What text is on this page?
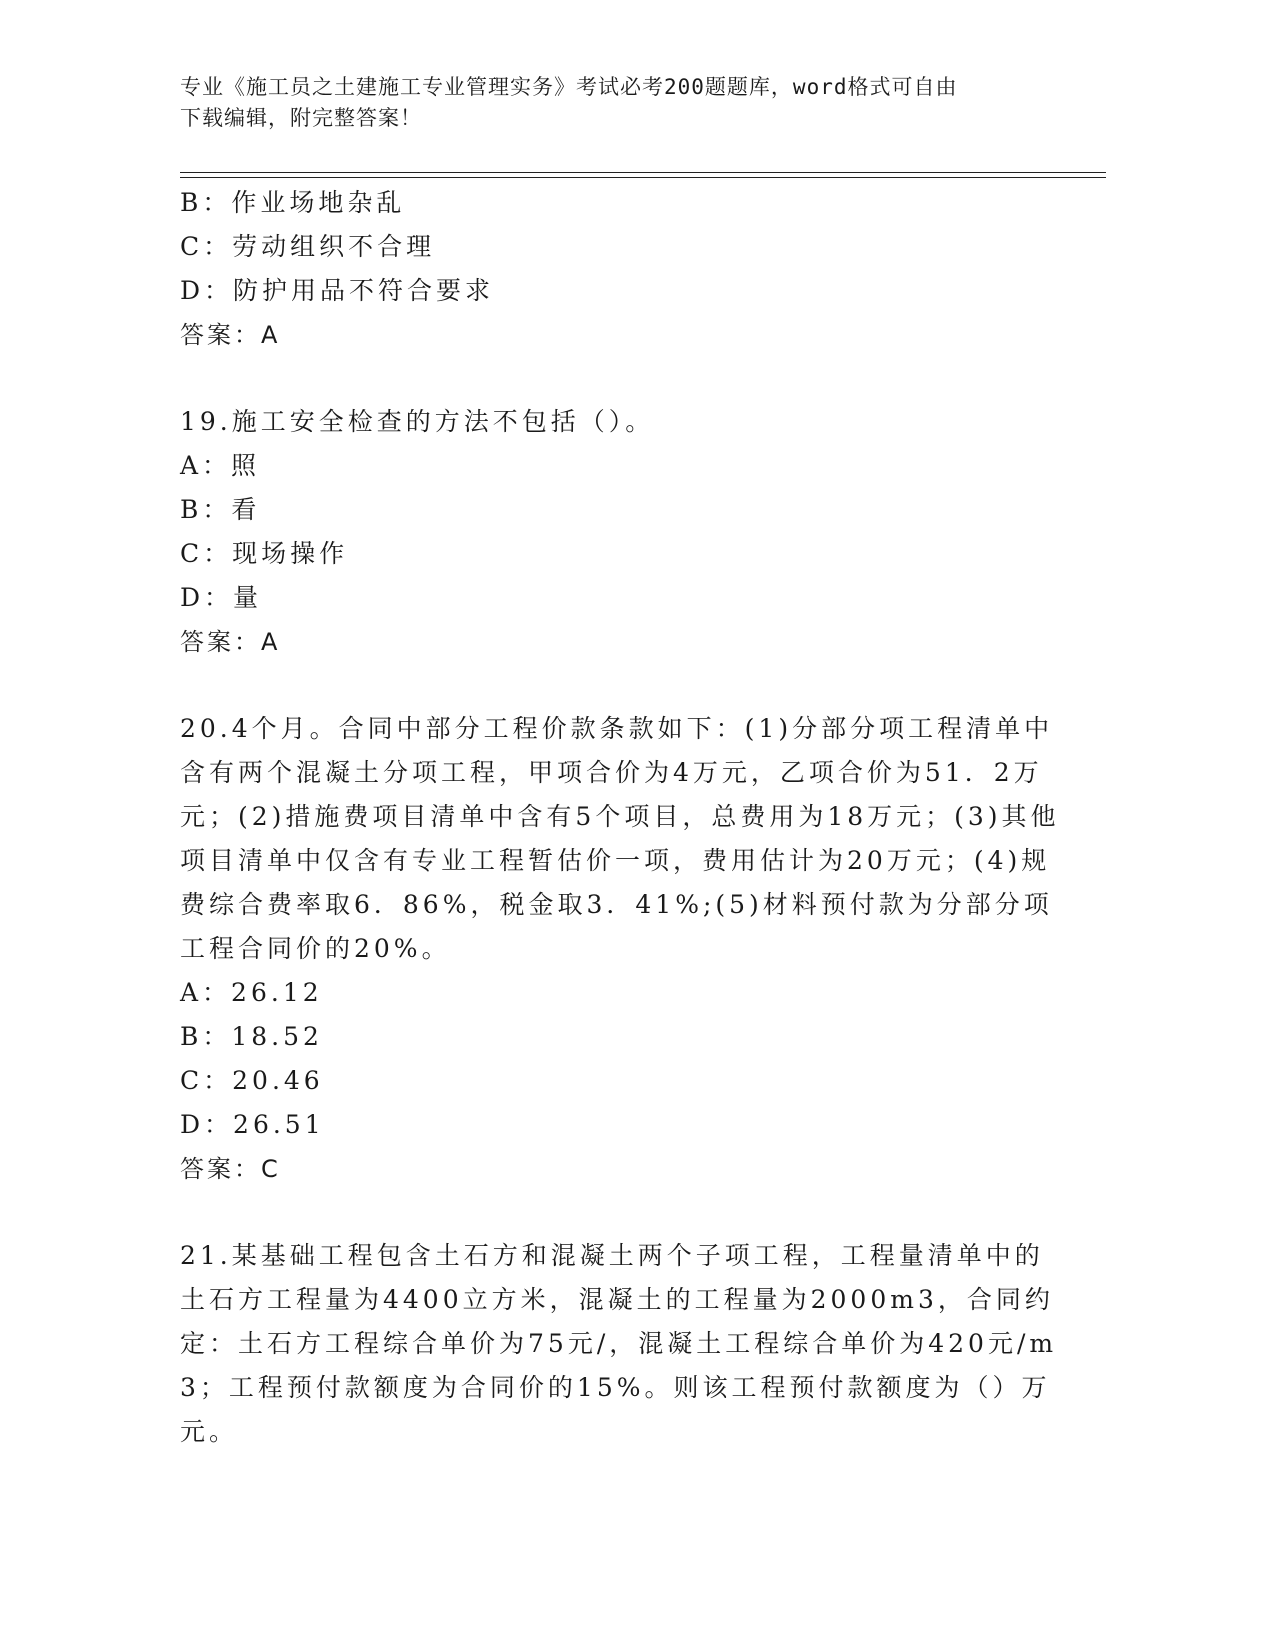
专业《施工员之土建施工专业管理实务》考试必考200题题库，word格式可自由
下载编辑，附完整答案！
B：作业场地杂乱
C：劳动组织不合理
D：防护用品不符合要求
答案：A
19.施工安全检查的方法不包括（）。
A：照
B：看
C：现场操作
D：量
答案：A
20.4个月。合同中部分工程价款条款如下：(1)分部分项工程清单中含有两个混凝土分项工程，甲项合价为4万元，乙项合价为51．2万元；(2)措施费项目清单中含有5个项目，总费用为18万元；(3)其他项目清单中仅含有专业工程暂估价一项，费用估计为20万元；(4)规费综合费率取6．86%，税金取3．41%;(5)材料预付款为分部分项工程合同价的20%。
A：26.12
B：18.52
C：20.46
D：26.51
答案：C
21.某基础工程包含土石方和混凝土两个子项工程，工程量清单中的土石方工程量为4400立方米，混凝土的工程量为2000m3，合同约定：土石方工程综合单价为75元/，混凝土工程综合单价为420元/m3；工程预付款额度为合同价的15%。则该工程预付款额度为（）万元。
